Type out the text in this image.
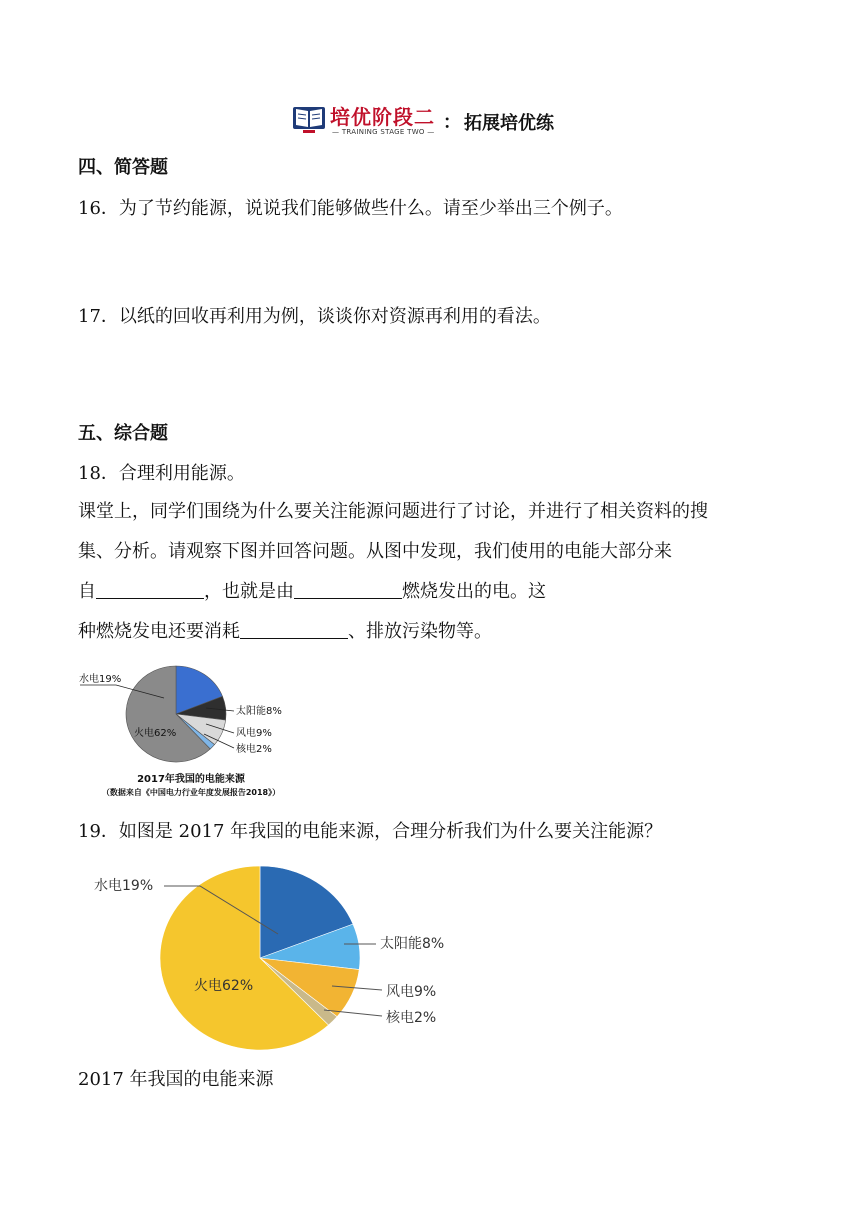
培优阶段二
— TRAINING STAGE TWO — ： 拓展培优练
四、简答题
16．为了节约能源，说说我们能够做些什么。请至少举出三个例子。
17．以纸的回收再利用为例，谈谈你对资源再利用的看法。
五、综合题
18．合理利用能源。
课堂上，同学们围绕为什么要关注能源问题进行了讨论，并进行了相关资料的搜
集、分析。请观察下图并回答问题。从图中发现，我们使用的电能大部分来
自	，也就是由	燃烧发出的电。这
种燃烧发电还要消耗	、排放污染物等。
水电19%
太阳能8%
风电9%
核电2%
火电62%
2017年我国的电能来源
（数据来自《中国电力行业年度发展报告2018》）
19．如图是 2017 年我国的电能来源，合理分析我们为什么要关注能源？
水电19%
太阳能8%
风电9%
核电2%
火电62%
2017 年我国的电能来源
